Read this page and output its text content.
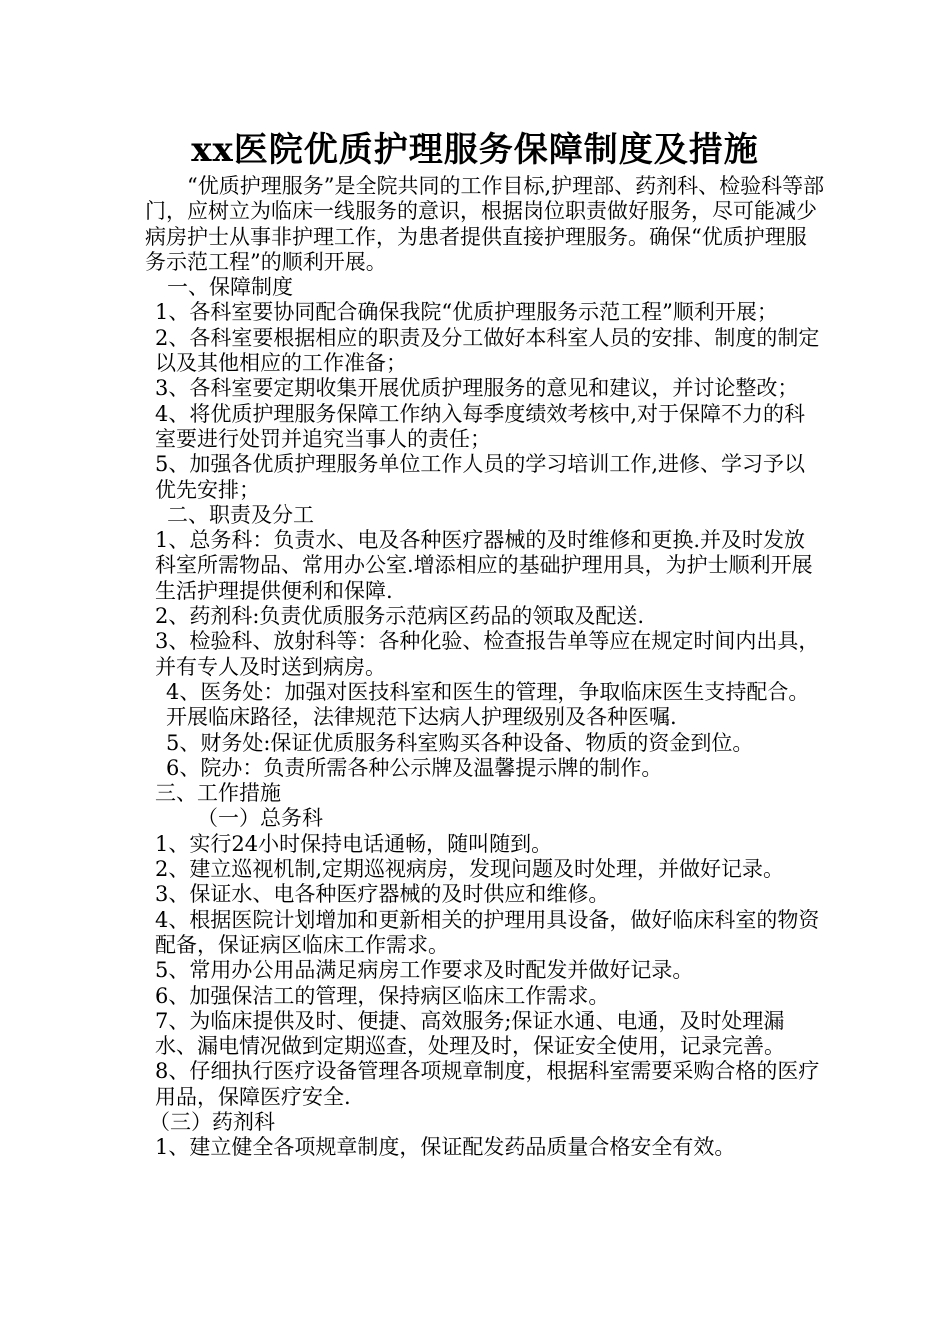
xx医院优质护理服务保障制度及措施

“优质护理服务”是全院共同的工作目标,护理部、药剂科、检验科等部门，应树立为临床一线服务的意识，根据岗位职责做好服务，尽可能减少病房护士从事非护理工作，为患者提供直接护理服务。确保“优质护理服务示范工程”的顺利开展。

一、保障制度

1、各科室要协同配合确保我院“优质护理服务示范工程”顺利开展；

2、各科室要根据相应的职责及分工做好本科室人员的安排、制度的制定以及其他相应的工作准备；

3、各科室要定期收集开展优质护理服务的意见和建议，并讨论整改；

4、将优质护理服务保障工作纳入每季度绩效考核中,对于保障不力的科室要进行处罚并追究当事人的责任；

5、加强各优质护理服务单位工作人员的学习培训工作,进修、学习予以优先安排；

二、职责及分工

1、总务科：负责水、电及各种医疗器械的及时维修和更换.并及时发放科室所需物品、常用办公室.增添相应的基础护理用具，为护士顺利开展生活护理提供便利和保障.

2、药剂科:负责优质服务示范病区药品的领取及配送.

3、检验科、放射科等：各种化验、检查报告单等应在规定时间内出具，并有专人及时送到病房。

4、医务处：加强对医技科室和医生的管理，争取临床医生支持配合。开展临床路径，法律规范下达病人护理级别及各种医嘱.

5、财务处:保证优质服务科室购买各种设备、物质的资金到位。

6、院办：负责所需各种公示牌及温馨提示牌的制作。

三、工作措施

（一）总务科

1、实行24小时保持电话通畅，随叫随到。

2、建立巡视机制,定期巡视病房，发现问题及时处理，并做好记录。

3、保证水、电各种医疗器械的及时供应和维修。

4、根据医院计划增加和更新相关的护理用具设备，做好临床科室的物资配备，保证病区临床工作需求。

5、常用办公用品满足病房工作要求及时配发并做好记录。

6、加强保洁工的管理，保持病区临床工作需求。

7、为临床提供及时、便捷、高效服务;保证水通、电通，及时处理漏水、漏电情况做到定期巡查，处理及时，保证安全使用，记录完善。

8、仔细执行医疗设备管理各项规章制度，根据科室需要采购合格的医疗用品，保障医疗安全.

（三）药剂科

1、建立健全各项规章制度，保证配发药品质量合格安全有效。
